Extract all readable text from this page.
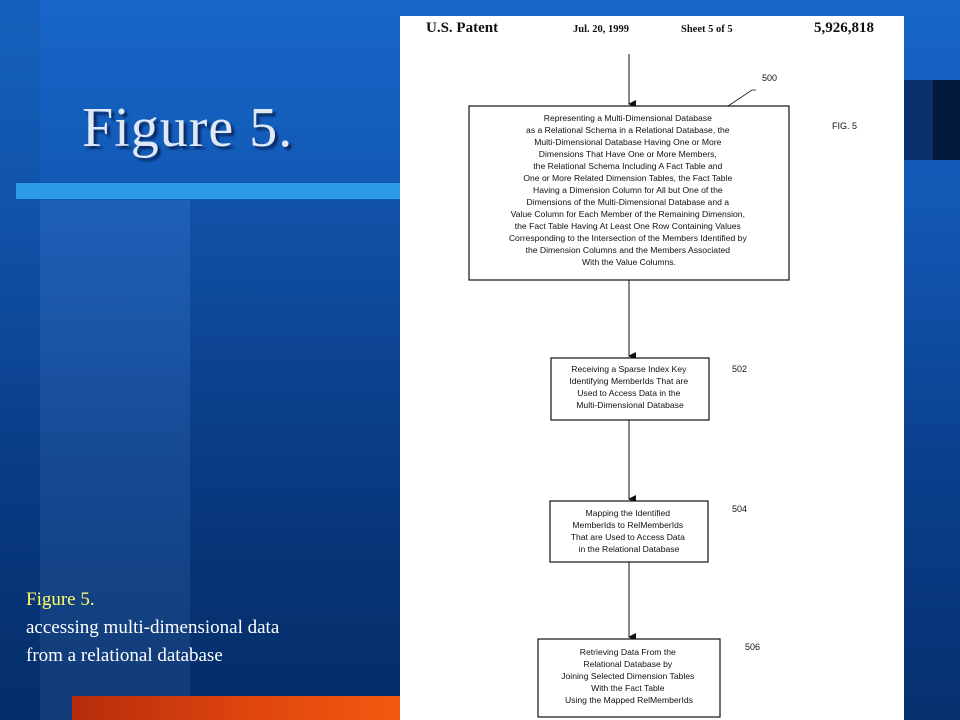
Figure 5.
Figure 5.
accessing multi-dimensional data
from a relational database
U.S. Patent	Jul. 20, 1999	Sheet 5 of 5	5,926,818
FIG. 5
500
Representing a Multi-Dimensional Database as a Relational Schema in a Relational Database, the Multi-Dimensional Database Having One or More Dimensions That Have One or More Members, the Relational Schema Including A Fact Table and One or More Related Dimension Tables, the Fact Table Having a Dimension Column for All but One of the Dimensions of the Multi-Dimensional Database and a Value Column for Each Member of the Remaining Dimension, the Fact Table Having At Least One Row Containing Values Corresponding to the Intersection of the Members Identified by the Dimension Columns and the Members Associated With the Value Columns.
502
Receiving a Sparse Index Key Identifying MemberIds That are Used to Access Data in the Multi-Dimensional Database
504
Mapping the Identified MemberIds to RelMemberIds That are Used to Access Data in the Relational Database
506
Retrieving Data From the Relational Database by Joining Selected Dimension Tables With the Fact Table Using the Mapped RelMemberIds
